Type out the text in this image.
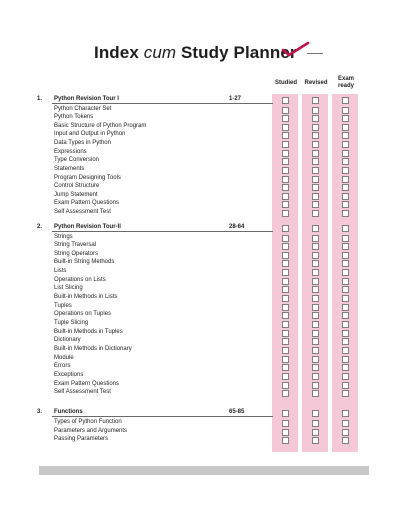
Index cum Study Planner
Studied	Revised
Exam
ready
1. Python Revision Tour I	1-27
Python Character Set
Python Tokens
Basic Structure of Python Program
Input and Output in Python
Data Types in Python
Expressions
Type Conversion
Statements
Program Designing Tools
Control Structure
Jump Statement
Exam Pattern Questions
Self Assessment Test
2. Python Revision Tour-II	28-64
Strings
String Traversal
String Operators
Built-in String Methods
Lists
Operations on Lists
List Slicing
Built-in Methods in Lists
Tuples
Operations on Tuples
Tuple Slicing
Built-in Methods in Tuples
Dictionary
Built-in Methods in Dictionary
Module
Errors
Exceptions
Exam Pattern Questions
Self Assessment Test
3. Functions	65-85
Types of Python Function
Parameters and Arguments
Passing Parameters
